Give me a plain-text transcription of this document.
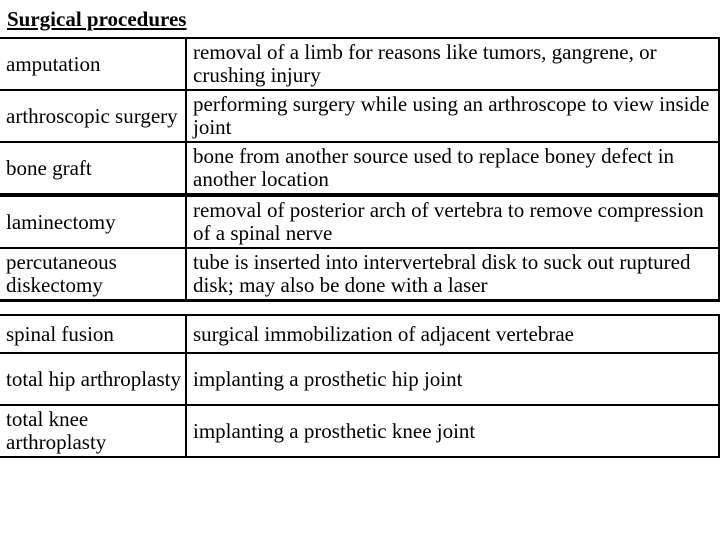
Surgical procedures
amputation	removal of a limb for reasons like tumors, gangrene, or crushing injury
arthroscopic surgery	performing surgery while using an arthroscope to view inside joint
bone graft	bone from another source used to replace boney defect in another location
laminectomy	removal of posterior arch of vertebra to remove compression of a spinal nerve
percutaneous diskectomy	tube is inserted into intervertebral disk to suck out ruptured disk; may also be done with a laser
spinal fusion	surgical immobilization of adjacent vertebrae
total hip arthroplasty	implanting a prosthetic hip joint
total knee arthroplasty	implanting a prosthetic knee joint
